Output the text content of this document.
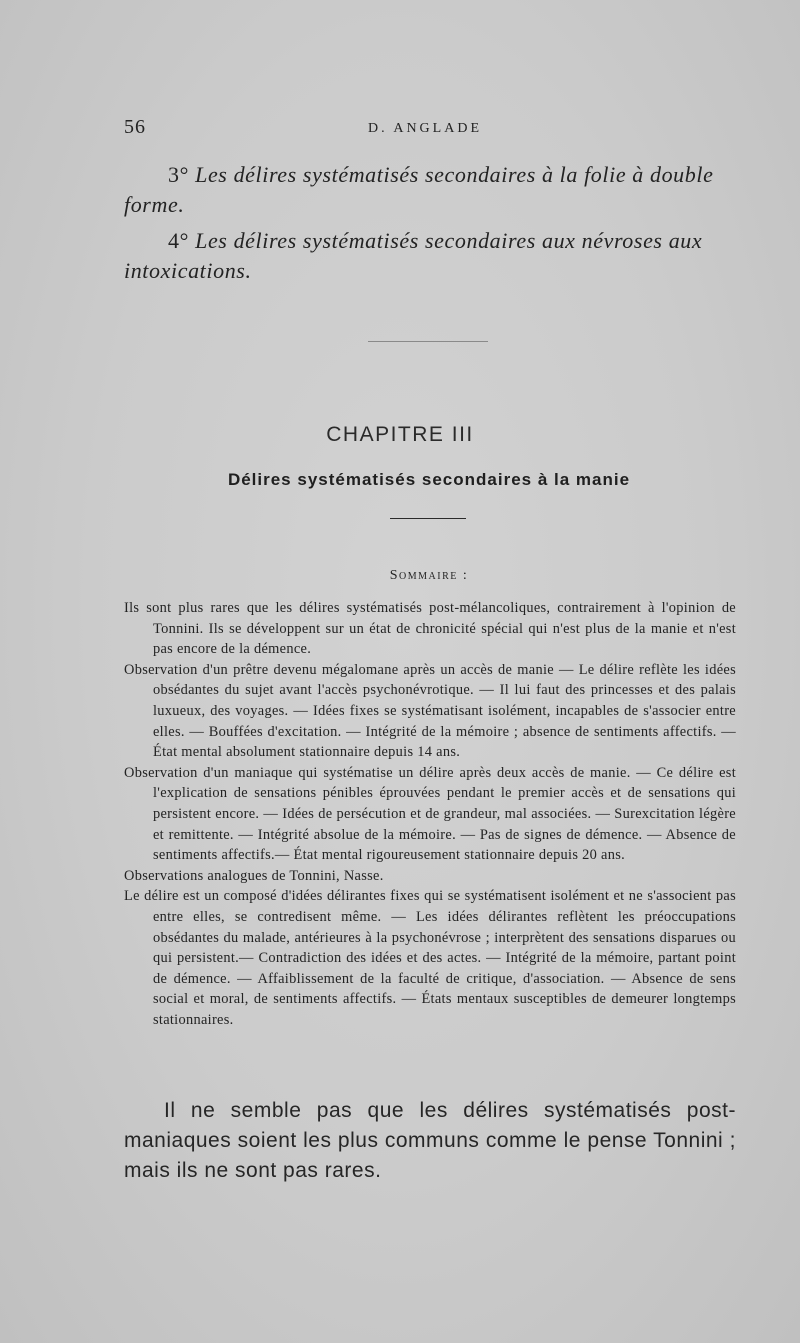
56	D. ANGLADE
3° Les délires systématisés secondaires à la folie à double forme.
4° Les délires systématisés secondaires aux névroses aux intoxications.
CHAPITRE III
Délires systématisés secondaires à la manie
Sommaire :

Ils sont plus rares que les délires systématisés post-mélancoliques, contrairement à l'opinion de Tonnini. Ils se développent sur un état de chronicité spécial qui n'est plus de la manie et n'est pas encore de la démence.

Observation d'un prêtre devenu mégalomane après un accès de manie — Le délire reflète les idées obsédantes du sujet avant l'accès psychonévrotique. — Il lui faut des princesses et des palais luxueux, des voyages. — Idées fixes se systématisant isolément, incapables de s'associer entre elles. — Bouffées d'excitation. — Intégrité de la mémoire ; absence de sentiments affectifs. — État mental absolument stationnaire depuis 14 ans.

Observation d'un maniaque qui systématise un délire après deux accès de manie. — Ce délire est l'explication de sensations pénibles éprouvées pendant le premier accès et de sensations qui persistent encore. — Idées de persécution et de grandeur, mal associées. — Surexcitation légère et remittente. — Intégrité absolue de la mémoire. — Pas de signes de démence. — Absence de sentiments affectifs.— État mental rigoureusement stationnaire depuis 20 ans.

Observations analogues de Tonnini, Nasse.

Le délire est un composé d'idées délirantes fixes qui se systématisent isolément et ne s'associent pas entre elles, se contredisent même. — Les idées délirantes reflètent les préoccupations obsédantes du malade, antérieures à la psychonévrose ; interprètent des sensations disparues ou qui persistent.— Contradiction des idées et des actes. — Intégrité de la mémoire, partant point de démence. — Affaiblissement de la faculté de critique, d'association. — Absence de sens social et moral, de sentiments affectifs. — États mentaux susceptibles de demeurer longtemps stationnaires.

Il ne semble pas que les délires systématisés post-maniaques soient les plus communs comme le pense Tonnini ; mais ils ne sont pas rares.
